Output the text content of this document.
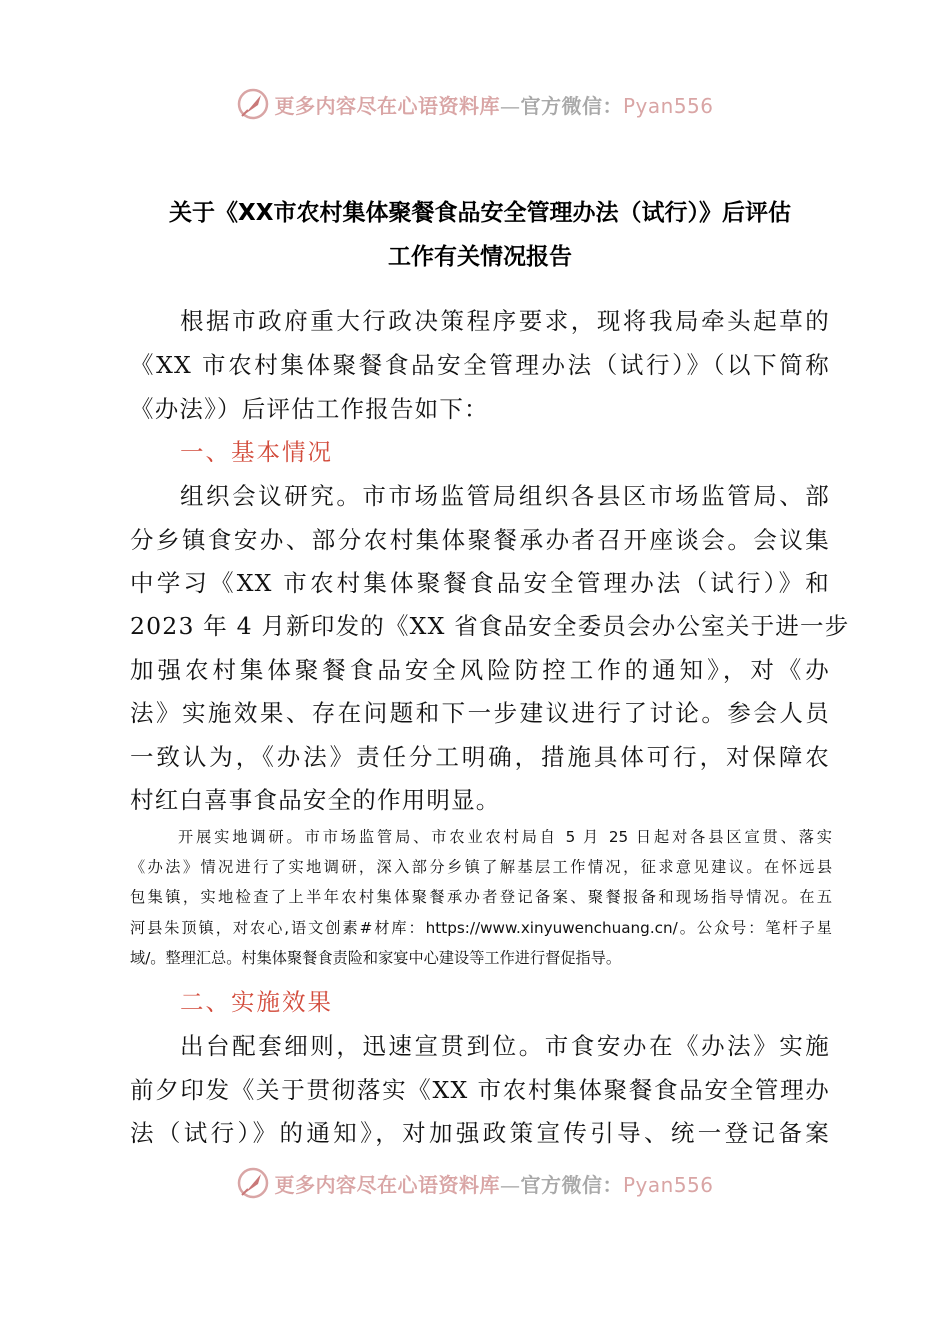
更多内容尽在心语资料库—官方微信：Pyan556
关于《XX市农村集体聚餐食品安全管理办法（试行）》后评估
工作有关情况报告
根据市政府重大行政决策程序要求，现将我局牵头起草的
《XX 市农村集体聚餐食品安全管理办法（试行）》（以下简称
《办法》）后评估工作报告如下：
一、基本情况
组织会议研究。市市场监管局组织各县区市场监管局、部
分乡镇食安办、部分农村集体聚餐承办者召开座谈会。会议集
中学习《XX 市农村集体聚餐食品安全管理办法（试行）》和
2023 年 4 月新印发的《XX 省食品安全委员会办公室关于进一步
加强农村集体聚餐食品安全风险防控工作的通知》，对《办
法》实施效果、存在问题和下一步建议进行了讨论。参会人员
一致认为，《办法》责任分工明确，措施具体可行，对保障农
村红白喜事食品安全的作用明显。
开展实地调研。市市场监管局、市农业农村局自 5 月 25 日起对各县区宣贯、落实
《办法》情况进行了实地调研，深入部分乡镇了解基层工作情况，征求意见建议。在怀远县
包集镇，实地检查了上半年农村集体聚餐承办者登记备案、聚餐报备和现场指导情况。在五
河县朱顶镇，对农心,语文创素#材库：https://www.xinyuwenchuang.cn/。公众号：笔杆子星
域/。整理汇总。村集体聚餐食责险和家宴中心建设等工作进行督促指导。
二、实施效果
出台配套细则，迅速宣贯到位。市食安办在《办法》实施
前夕印发《关于贯彻落实《XX 市农村集体聚餐食品安全管理办
法（试行）》的通知》，对加强政策宣传引导、统一登记备案
更多内容尽在心语资料库—官方微信：Pyan556
